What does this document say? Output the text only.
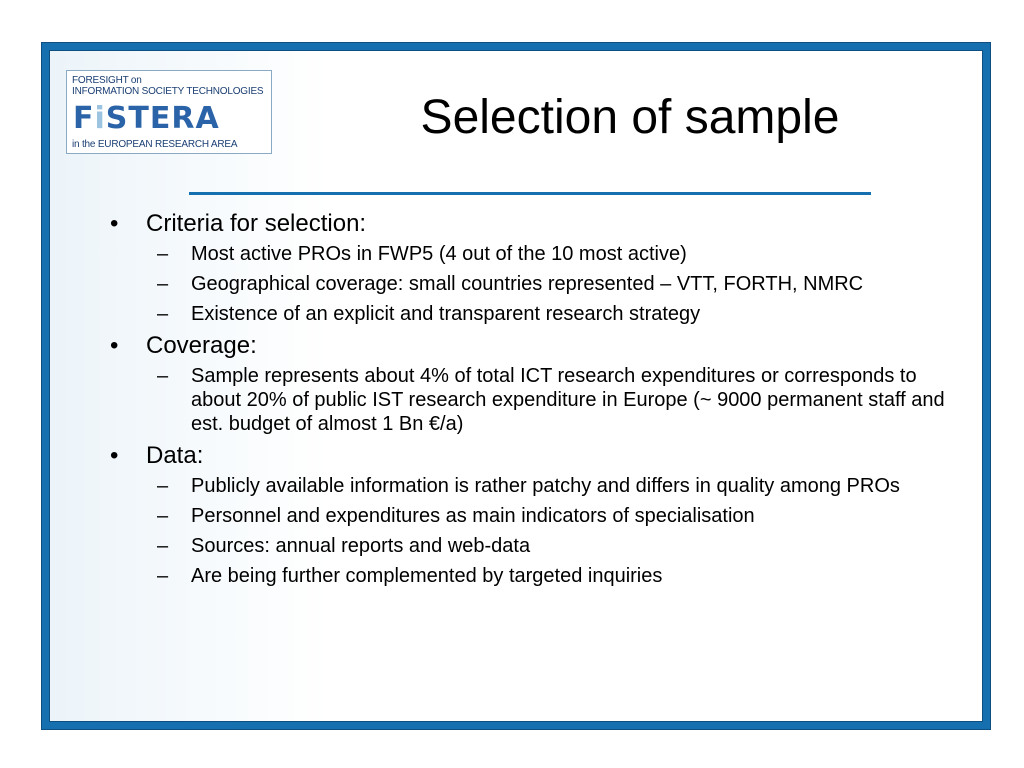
FORESIGHT on
INFORMATION SOCIETY TECHNOLOGIES
FiSTERA
in the EUROPEAN RESEARCH AREA
Selection of sample
•	Criteria for selection:
– Most active PROs in FWP5 (4 out of the 10 most active)
– Geographical coverage: small countries represented – VTT, FORTH, NMRC
– Existence of an explicit and transparent research strategy
•	Coverage:
– Sample represents about 4% of total ICT research expenditures or corresponds to about 20% of public IST research expenditure in Europe (~ 9000 permanent staff and est. budget of almost 1 Bn €/a)
•	Data:
– Publicly available information is rather patchy and differs in quality among PROs
– Personnel and expenditures as main indicators of specialisation
– Sources: annual reports and web-data
– Are being further complemented by targeted inquiries
